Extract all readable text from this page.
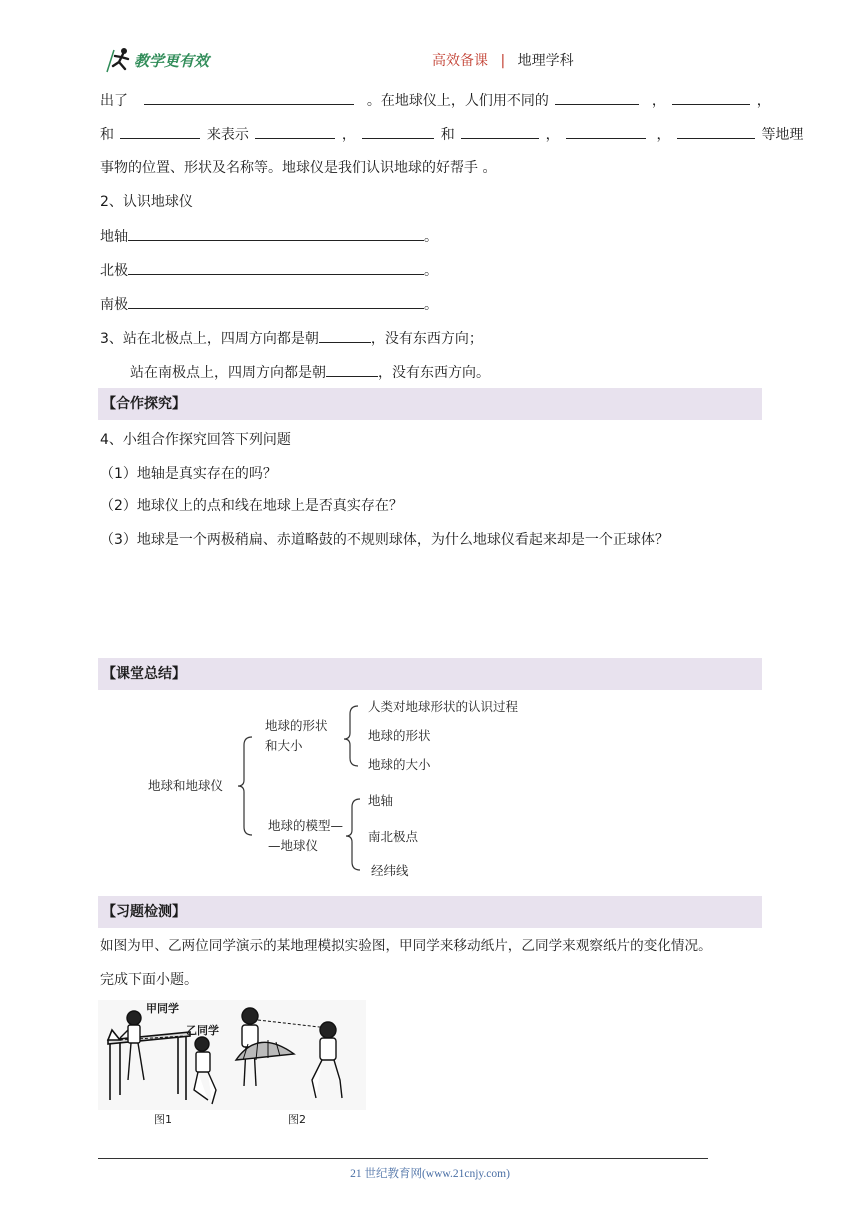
教学更有效	高效备课 | 地理学科
出了	。在地球仪上，人们用不同的	，	，
和	来表示	，	和	，	，	等地理
事物的位置、形状及名称等。地球仪是我们认识地球的好帮手 。
2、认识地球仪
地轴	。
北极	。
南极	。
3、站在北极点上，四周方向都是朝	，没有东西方向；
站在南极点上，四周方向都是朝	，没有东西方向。
【合作探究】
4、小组合作探究回答下列问题
（1）地轴是真实存在的吗？
（2）地球仪上的点和线在地球上是否真实存在？
（3）地球是一个两极稍扁、赤道略鼓的不规则球体，为什么地球仪看起来却是一个正球体？
【课堂总结】
地球和地球仪
地球的形状
和大小
人类对地球形状的认识过程
地球的形状
地球的大小
地球的模型—
—地球仪
地轴
南北极点
经纬线
【习题检测】
如图为甲、乙两位同学演示的某地理模拟实验图，甲同学来移动纸片，乙同学来观察纸片的变化情况。
完成下面小题。
甲同学
乙同学
图1	图2
21 世纪教育网(www.21cnjy.com)
